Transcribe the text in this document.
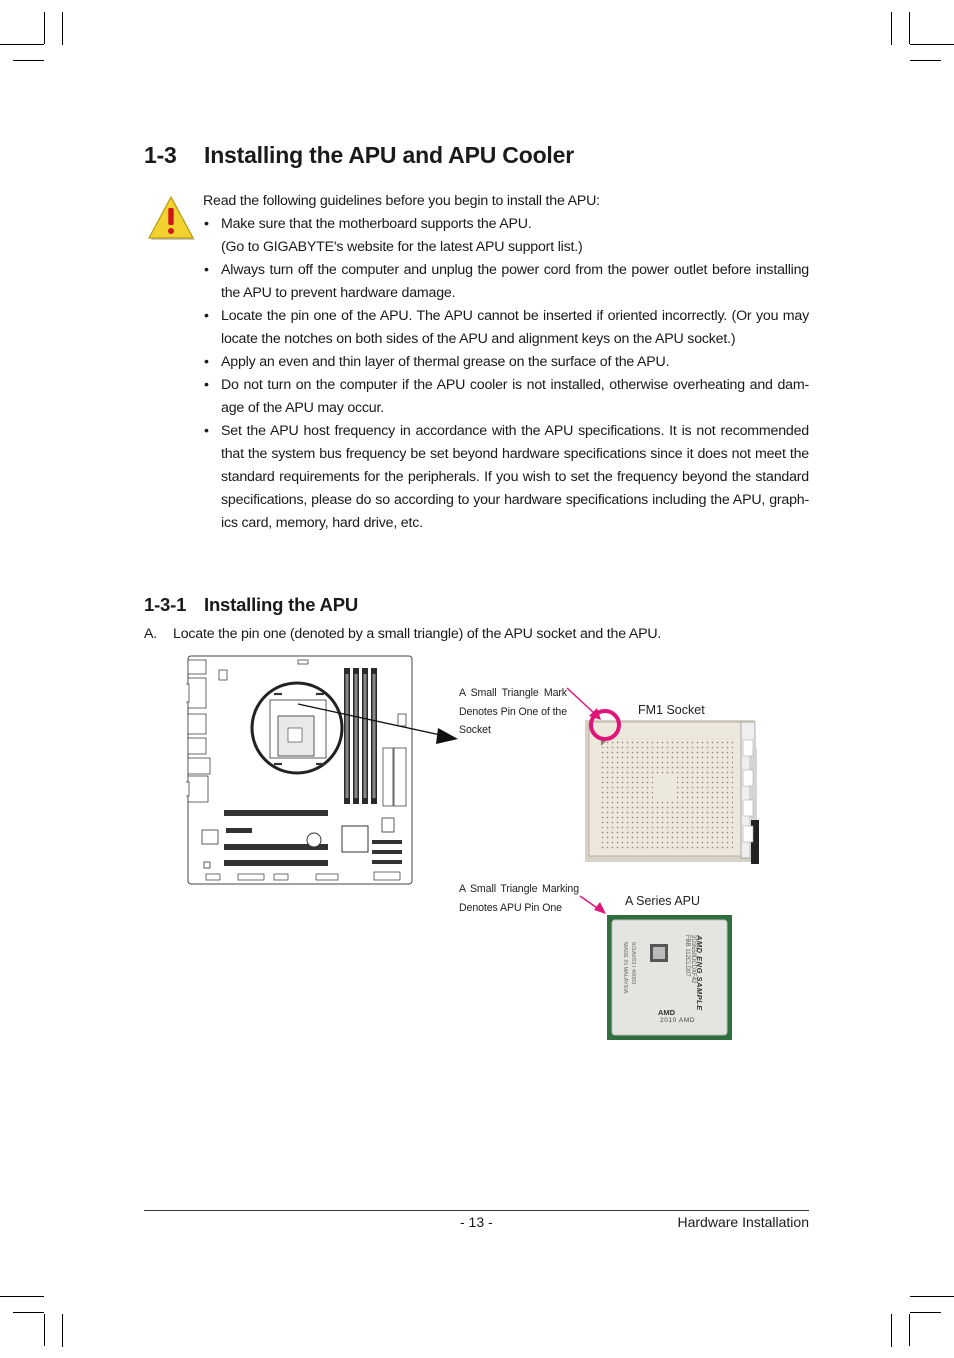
1-3 Installing the APU and APU Cooler

Read the following guidelines before you begin to install the APU:

• Make sure that the motherboard supports the APU.
(Go to GIGABYTE's website for the latest APU support list.)
• Always turn off the computer and unplug the power cord from the power outlet before installing the APU to prevent hardware damage.
• Locate the pin one of the APU. The APU cannot be inserted if oriented incorrectly. (Or you may locate the notches on both sides of the APU and alignment keys on the APU socket.)
• Apply an even and thin layer of thermal grease on the surface of the APU.
• Do not turn on the computer if the APU cooler is not installed, otherwise overheating and dam-age of the APU may occur.
• Set the APU host frequency in accordance with the APU specifications. It is not recommended that the system bus frequency be set beyond hardware specifications since it does not meet the standard requirements for the peripherals. If you wish to set the frequency beyond the standard specifications, please do so according to your hardware specifications including the APU, graph-ics card, memory, hard drive, etc.
1-3-1 Installing the APU
A. Locate the pin one (denoted by a small triangle) of the APU socket and the APU.
A Small Triangle Mark Denotes Pin One of the Socket
FM1 Socket
A Small Triangle Marking Denotes APU Pin One	A Series APU
AMD ENG SAMPLE
2D3550DCDXF42
FBB 112CLD07
9J1A0S3 I 40003
MADE IN MALAYSIA
AMD
2010 AMD
- 13 -	Hardware Installation
